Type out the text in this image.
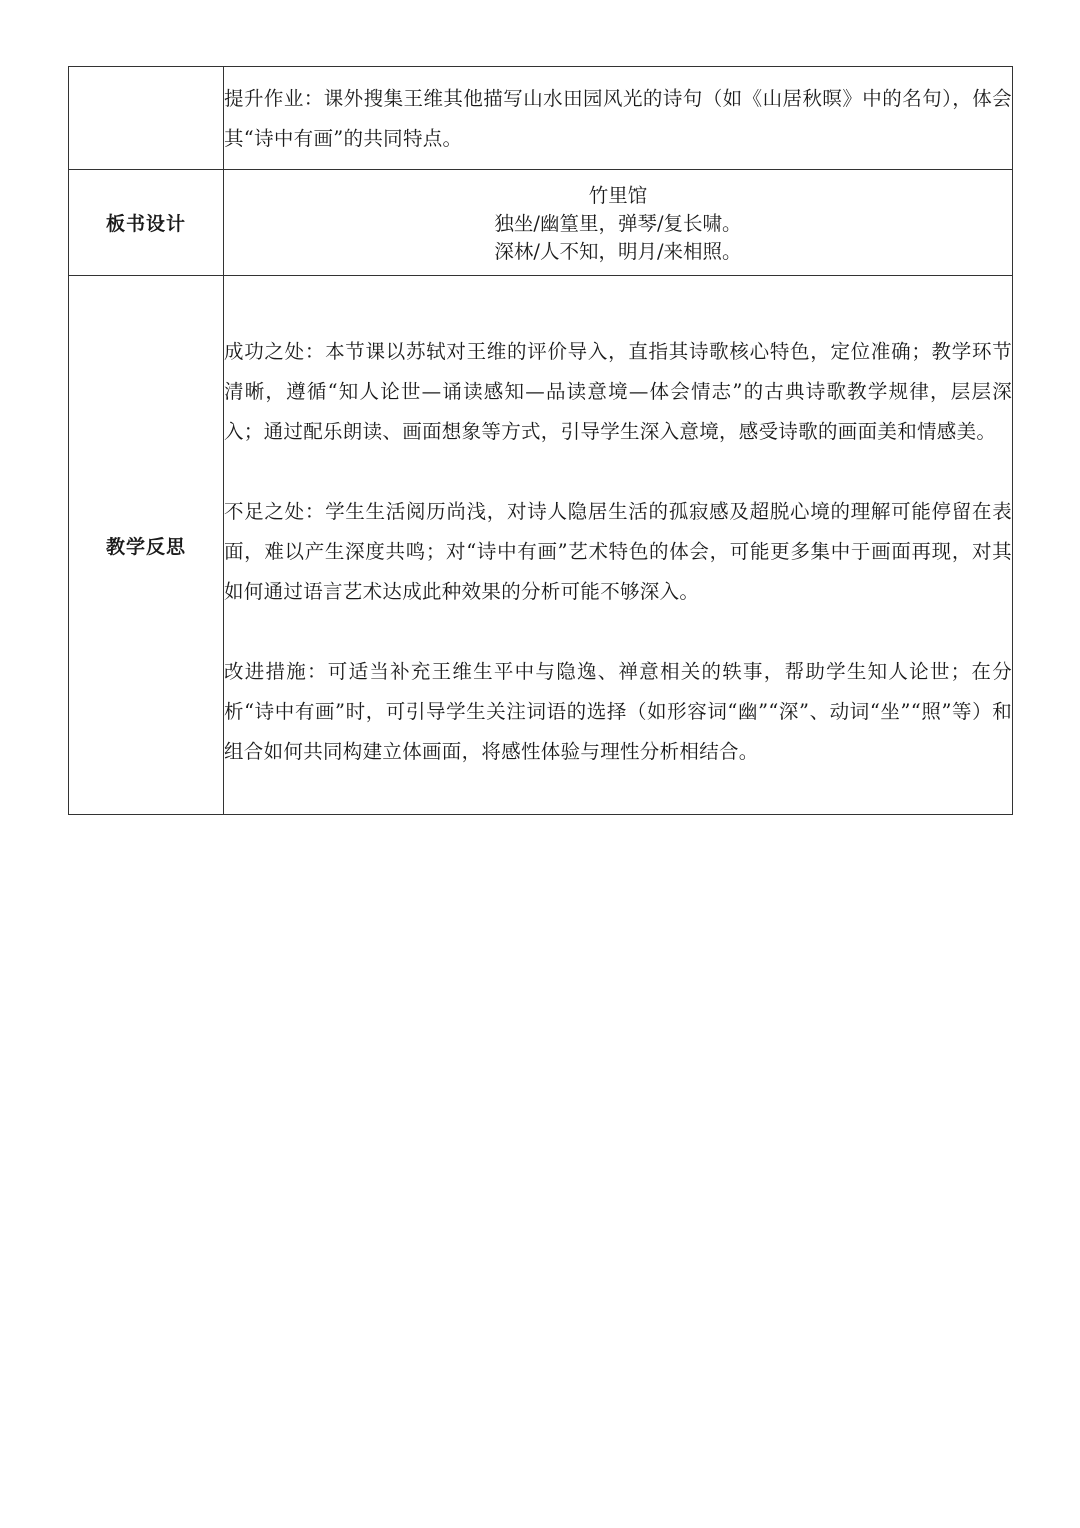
	提升作业：课外搜集王维其他描写山水田园风光的诗句（如《山居秋暝》中的名句），体会其“诗中有画”的共同特点。

板书设计	竹里馆
独坐/幽篁里，弹琴/复长啸。
深林/人不知，明月/来相照。

教学反思	成功之处：本节课以苏轼对王维的评价导入，直指其诗歌核心特色，定位准确；教学环节清晰，遵循“知人论世—诵读感知—品读意境—体会情志”的古典诗歌教学规律，层层深入；通过配乐朗读、画面想象等方式，引导学生深入意境，感受诗歌的画面美和情感美。

不足之处：学生生活阅历尚浅，对诗人隐居生活的孤寂感及超脱心境的理解可能停留在表面，难以产生深度共鸣；对“诗中有画”艺术特色的体会，可能更多集中于画面再现，对其如何通过语言艺术达成此种效果的分析可能不够深入。

改进措施：可适当补充王维生平中与隐逸、禅意相关的轶事，帮助学生知人论世；在分析“诗中有画”时，可引导学生关注词语的选择（如形容词“幽”“深”、动词“坐”“照”等）和组合如何共同构建立体画面，将感性体验与理性分析相结合。
